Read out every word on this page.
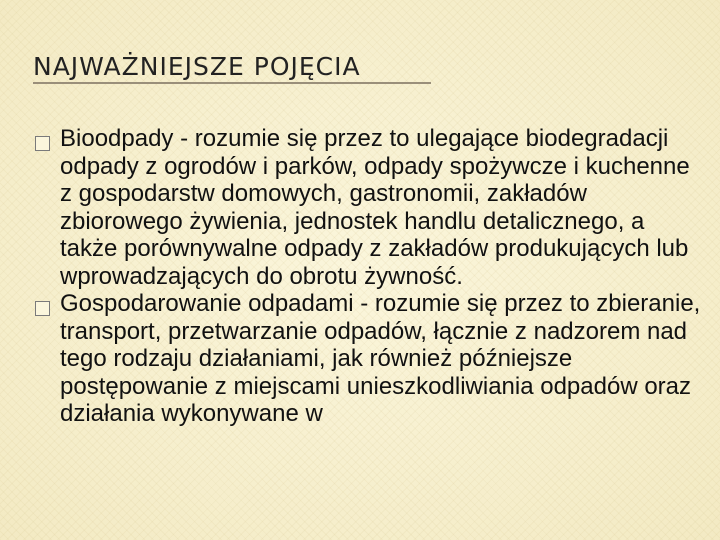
NAJWAŻNIEJSZE POJĘCIA
Bioodpady - rozumie się przez to ulegające biodegradacji odpady z ogrodów i parków, odpady spożywcze i kuchenne z gospodarstw domowych, gastronomii, zakładów zbiorowego żywienia, jednostek handlu detalicznego, a także porównywalne odpady z zakładów produkujących lub wprowadzających do obrotu żywność.
Gospodarowanie odpadami - rozumie się przez to zbieranie, transport, przetwarzanie odpadów, łącznie z nadzorem nad tego rodzaju działaniami, jak również późniejsze postępowanie z miejscami unieszkodliwiania odpadów oraz działania wykonywane w
